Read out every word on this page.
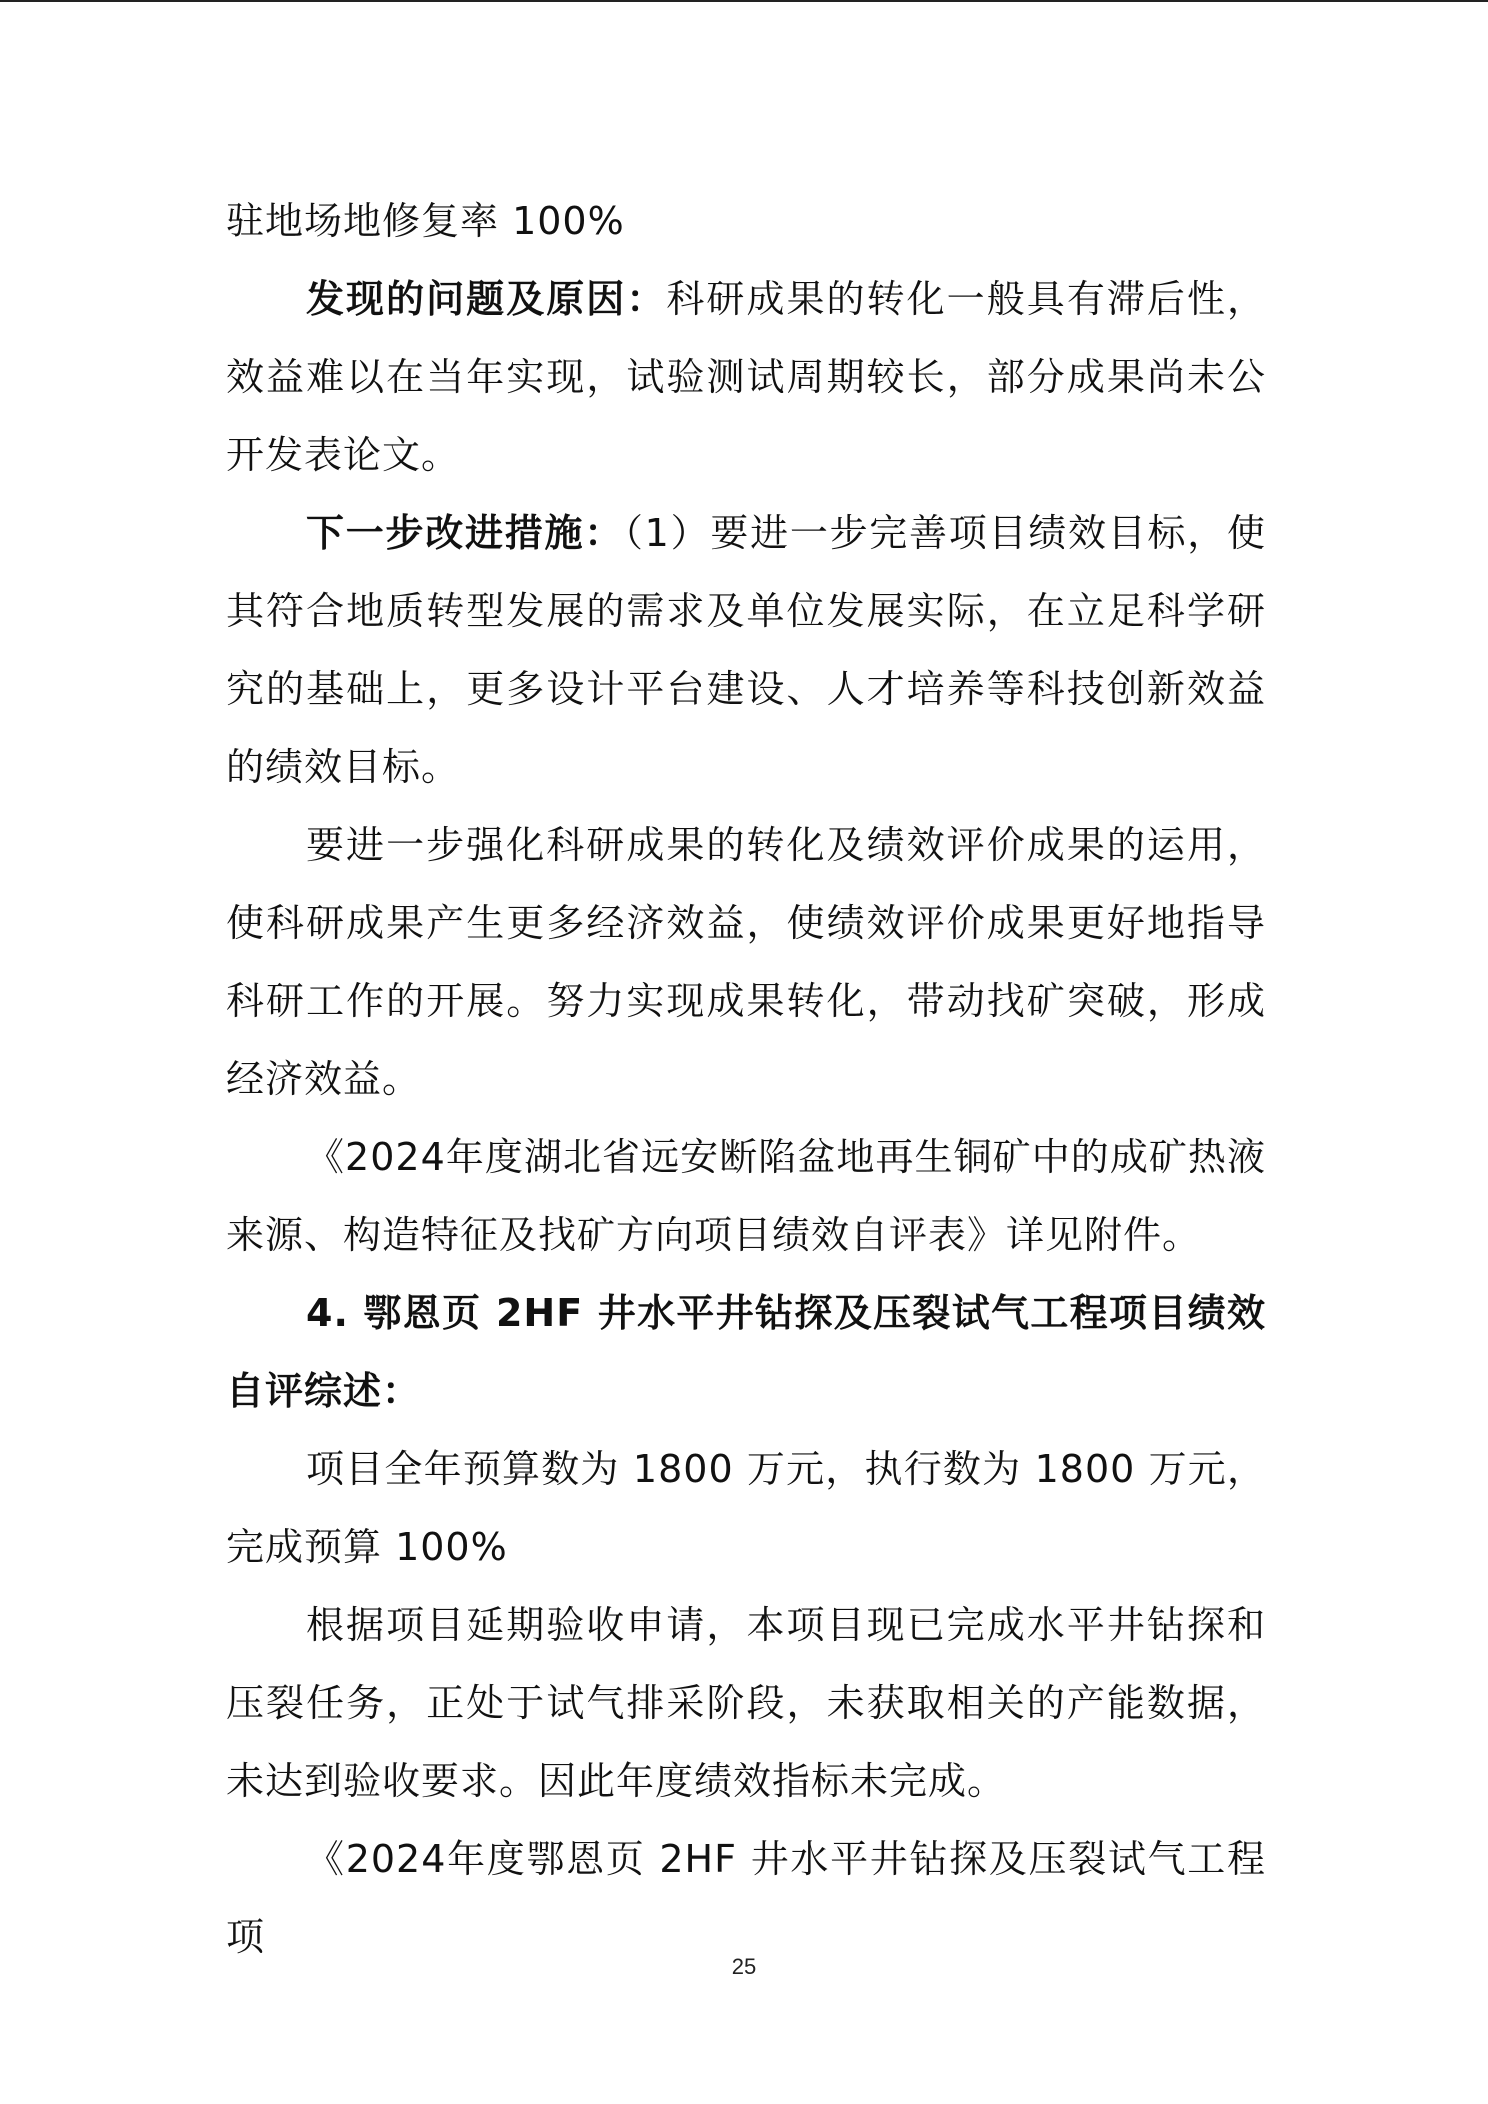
驻地场地修复率 100%

发现的问题及原因：科研成果的转化一般具有滞后性，效益难以在当年实现，试验测试周期较长，部分成果尚未公开发表论文。

下一步改进措施：（1）要进一步完善项目绩效目标，使其符合地质转型发展的需求及单位发展实际，在立足科学研究的基础上，更多设计平台建设、人才培养等科技创新效益的绩效目标。

要进一步强化科研成果的转化及绩效评价成果的运用，使科研成果产生更多经济效益，使绩效评价成果更好地指导科研工作的开展。努力实现成果转化，带动找矿突破，形成经济效益。

《2024年度湖北省远安断陷盆地再生铜矿中的成矿热液来源、构造特征及找矿方向项目绩效自评表》详见附件。

4. 鄂恩页 2HF 井水平井钻探及压裂试气工程项目绩效自评综述：

项目全年预算数为 1800 万元，执行数为 1800 万元，完成预算 100%

根据项目延期验收申请，本项目现已完成水平井钻探和压裂任务，正处于试气排采阶段，未获取相关的产能数据，未达到验收要求。因此年度绩效指标未完成。

《2024年度鄂恩页 2HF 井水平井钻探及压裂试气工程项

25
